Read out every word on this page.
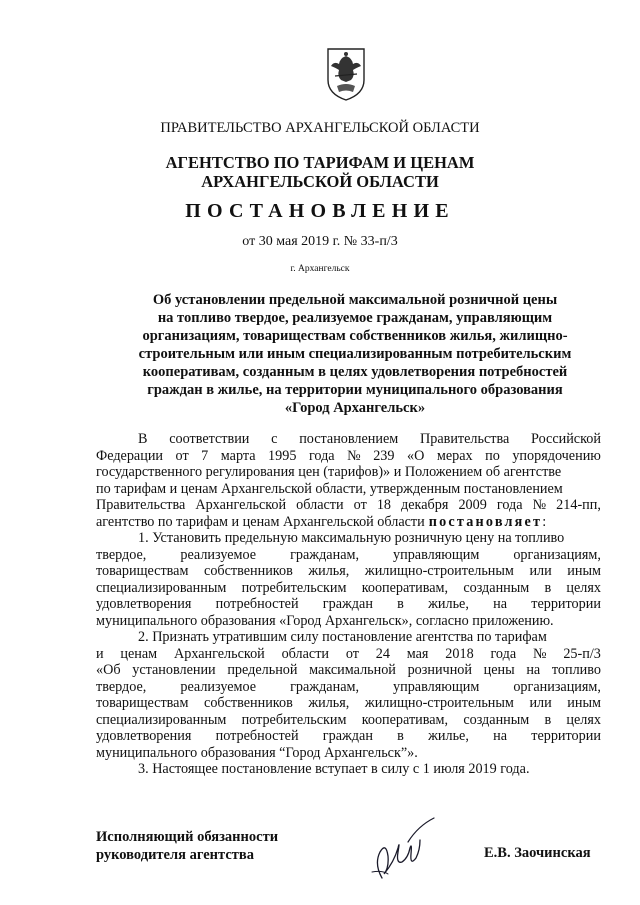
ПРАВИТЕЛЬСТВО АРХАНГЕЛЬСКОЙ ОБЛАСТИ
АГЕНТСТВО ПО ТАРИФАМ И ЦЕНАМ
АРХАНГЕЛЬСКОЙ ОБЛАСТИ
ПОСТАНОВЛЕНИЕ
от 30 мая 2019 г. № 33-п/3
г. Архангельск
Об установлении предельной максимальной розничной цены
на топливо твердое, реализуемое гражданам, управляющим
организациям, товариществам собственников жилья, жилищно-
строительным или иным специализированным потребительским
кооперативам, созданным в целях удовлетворения потребностей
граждан в жилье, на территории муниципального образования
«Город Архангельск»
В соответствии с постановлением Правительства Российской
Федерации от 7 марта 1995 года № 239 «О мерах по упорядочению
государственного регулирования цен (тарифов)» и Положением об агентстве
по тарифам и ценам Архангельской области, утвержденным постановлением
Правительства Архангельской области от 18 декабря 2009 года № 214-пп,
агентство по тарифам и ценам Архангельской области постановляет :
1. Установить предельную максимальную розничную цену на топливо
твердое, реализуемое гражданам, управляющим организациям,
товариществам собственников жилья, жилищно-строительным или иным
специализированным потребительским кооперативам, созданным в целях
удовлетворения потребностей граждан в жилье, на территории
муниципального образования «Город Архангельск», согласно приложению.
2. Признать утратившим силу постановление агентства по тарифам
и ценам Архангельской области от 24 мая 2018 года № 25-п/3
«Об установлении предельной максимальной розничной цены на топливо
твердое, реализуемое гражданам, управляющим организациям,
товариществам собственников жилья, жилищно-строительным или иным
специализированным потребительским кооперативам, созданным в целях
удовлетворения потребностей граждан в жилье, на территории
муниципального образования “Город Архангельск”».
3. Настоящее постановление вступает в силу с 1 июля 2019 года.
Исполняющий обязанности
руководителя агентства	Е.В. Заочинская
